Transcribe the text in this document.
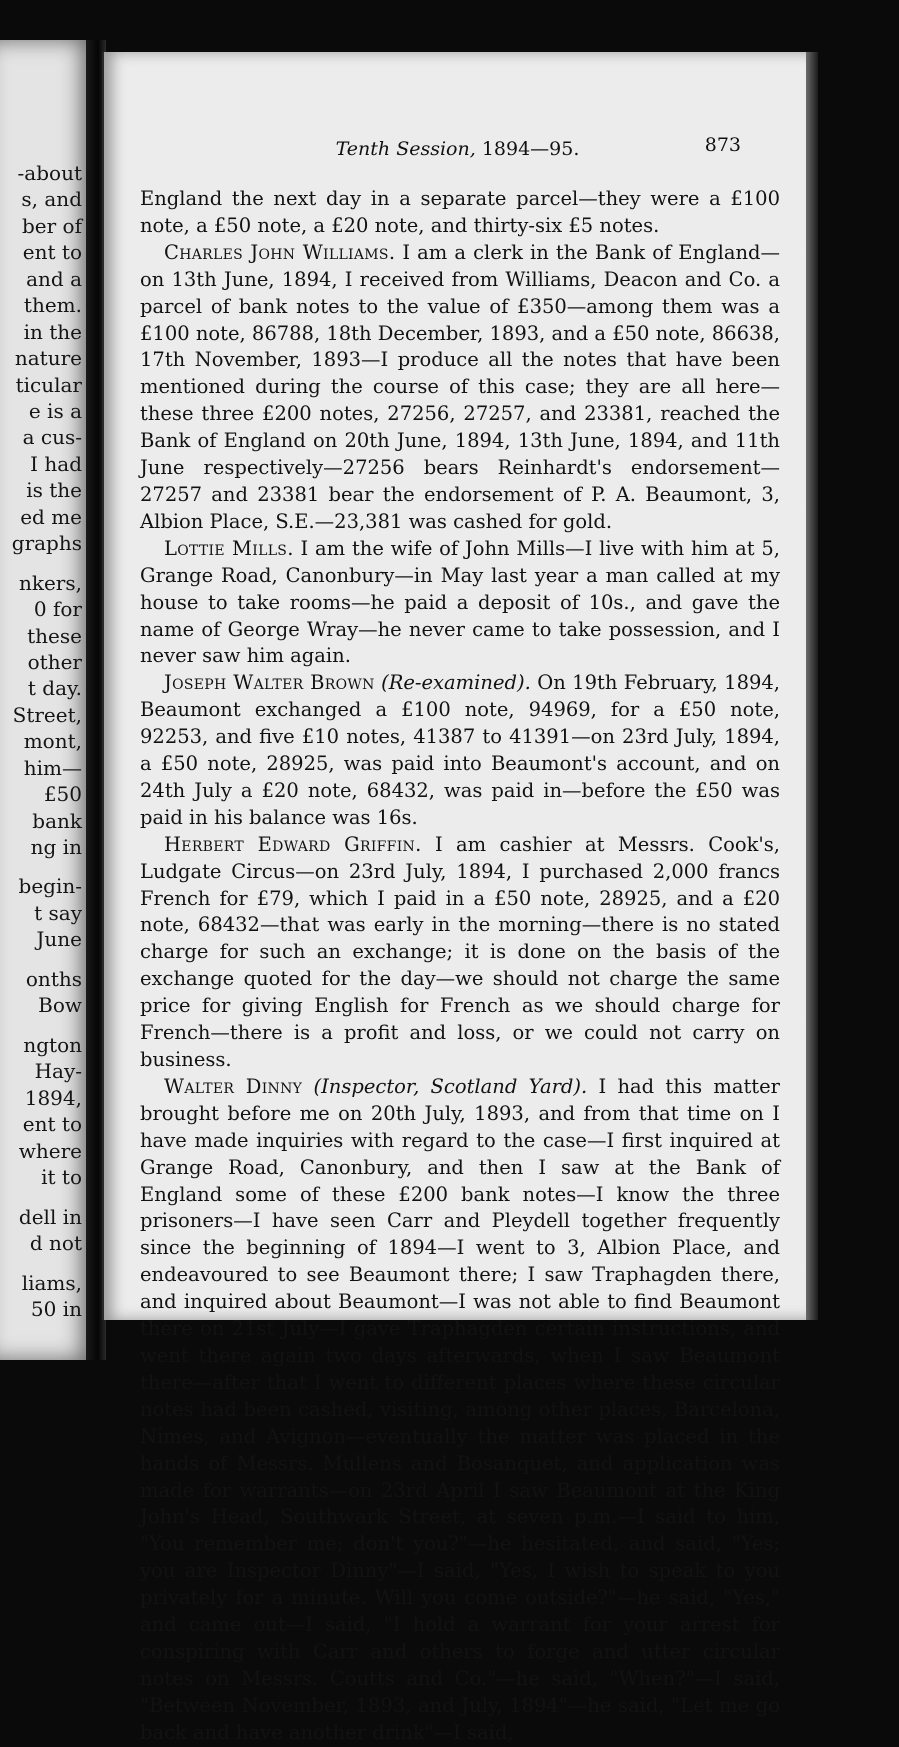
-about
s, and
ber of
ent to
and a
them.
in the
nature
ticular
e is a
a cus-
I had
is the
ed me
graphs
nkers,
0 for
these
other
t day.
Street,
mont,
him—
£50
bank
ng in
begin-
t say
June
onths
Bow
ngton
Hay-
1894,
ent to
where
it to
dell in
d not
liams,
50 in
Tenth Session, 1894—95.	873

England the next day in a separate parcel—they were a £100 note, a £50 note, a £20 note, and thirty-six £5 notes.

Charles John Williams. I am a clerk in the Bank of England—on 13th June, 1894, I received from Williams, Deacon and Co. a parcel of bank notes to the value of £350—among them was a £100 note, 86788, 18th December, 1893, and a £50 note, 86638, 17th November, 1893—I produce all the notes that have been mentioned during the course of this case; they are all here—these three £200 notes, 27256, 27257, and 23381, reached the Bank of England on 20th June, 1894, 13th June, 1894, and 11th June respectively—27256 bears Reinhardt's endorsement—27257 and 23381 bear the endorsement of P. A. Beaumont, 3, Albion Place, S.E.—23,381 was cashed for gold.

Lottie Mills. I am the wife of John Mills—I live with him at 5, Grange Road, Canonbury—in May last year a man called at my house to take rooms—he paid a deposit of 10s., and gave the name of George Wray—he never came to take possession, and I never saw him again.

Joseph Walter Brown (Re-examined). On 19th February, 1894, Beaumont exchanged a £100 note, 94969, for a £50 note, 92253, and five £10 notes, 41387 to 41391—on 23rd July, 1894, a £50 note, 28925, was paid into Beaumont's account, and on 24th July a £20 note, 68432, was paid in—before the £50 was paid in his balance was 16s.

Herbert Edward Griffin. I am cashier at Messrs. Cook's, Ludgate Circus—on 23rd July, 1894, I purchased 2,000 francs French for £79, which I paid in a £50 note, 28925, and a £20 note, 68432—that was early in the morning—there is no stated charge for such an exchange; it is done on the basis of the exchange quoted for the day—we should not charge the same price for giving English for French as we should charge for French—there is a profit and loss, or we could not carry on business.

Walter Dinny (Inspector, Scotland Yard). I had this matter brought before me on 20th July, 1893, and from that time on I have made inquiries with regard to the case—I first inquired at Grange Road, Canonbury, and then I saw at the Bank of England some of these £200 bank notes—I know the three prisoners—I have seen Carr and Pleydell together frequently since the beginning of 1894—I went to 3, Albion Place, and endeavoured to see Beaumont there; I saw Traphagden there, and inquired about Beaumont—I was not able to find Beaumont there on 21st July—I gave Traphagden certain instructions, and went there again two days afterwards, when I saw Beaumont there—after that I went to different places where these circular notes had been cashed, visiting, among other places, Barcelona, Nîmes, and Avignon—eventually the matter was placed in the hands of Messrs. Mullens and Bosanquet, and application was made for warrants—on 23rd April I saw Beaumont at the King John's Head, Southwark Street, at seven p.m.—I said to him, "You remember me; don't you?"—he hesitated, and said, "Yes; you are Inspector Dinny"—I said, "Yes, I wish to speak to you privately for a minute. Will you come outside?"—he said, "Yes," and came out—I said, "I hold a warrant for your arrest for conspiring with Carr and others to forge and utter circular notes on Messrs. Coutts and Co."—he said, "When?"—I said, "Between November, 1893, and July, 1894"—he said, "Let me go back and have another drink"—I said,
